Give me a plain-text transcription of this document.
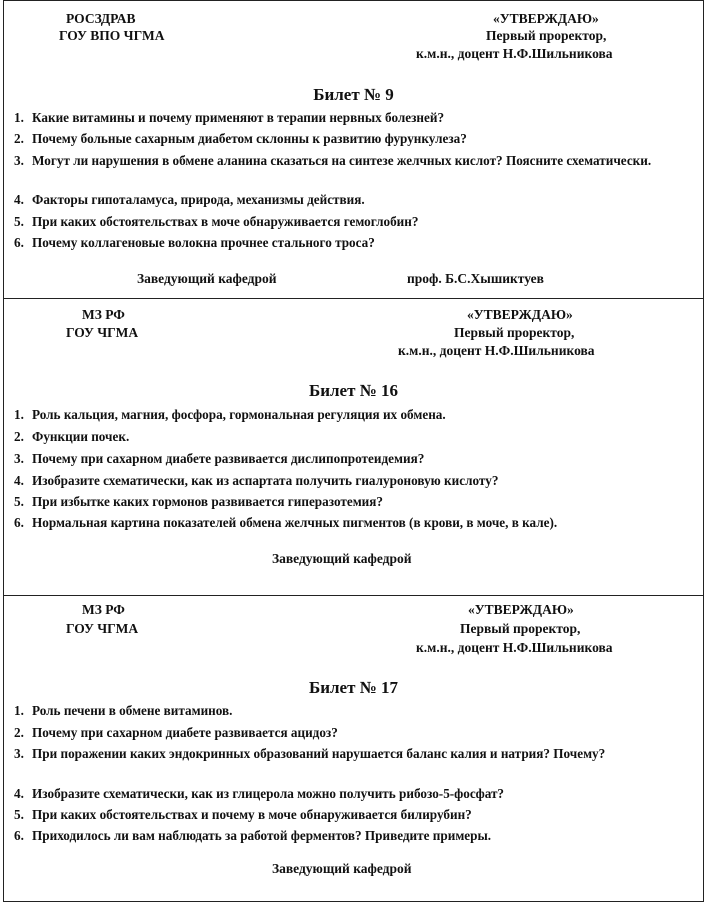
РОСЗДРАВ
ГОУ ВПО ЧГМА
«УТВЕРЖДАЮ»
Первый проректор,
к.м.н., доцент Н.Ф.Шильникова
Билет № 9
1. Какие витамины и почему применяют в терапии нервных болезней?
2. Почему больные сахарным диабетом склонны к развитию фурункулеза?
3. Могут ли нарушения в обмене аланина сказаться на синтезе желчных кислот? Поясните схематически.
4. Факторы гипоталамуса, природа, механизмы действия.
5. При каких обстоятельствах в моче обнаруживается гемоглобин?
6. Почему коллагеновые волокна прочнее стального троса?
Заведующий кафедрой	проф. Б.С.Хышиктуев
МЗ РФ
ГОУ ЧГМА
«УТВЕРЖДАЮ»
Первый проректор,
к.м.н., доцент Н.Ф.Шильникова
Билет № 16
1. Роль кальция, магния, фосфора, гормональная регуляция их обмена.
2. Функции почек.
3. Почему при сахарном диабете развивается дислипопротеидемия?
4. Изобразите схематически, как из аспартата получить гиалуроновую кислоту?
5. При избытке каких гормонов развивается гиперазотемия?
6. Нормальная картина показателей обмена желчных пигментов (в крови, в моче, в кале).
Заведующий кафедрой
МЗ РФ
ГОУ ЧГМА
«УТВЕРЖДАЮ»
Первый проректор,
к.м.н., доцент Н.Ф.Шильникова
Билет № 17
1. Роль печени в обмене витаминов.
2. Почему при сахарном диабете развивается ацидоз?
3. При поражении каких эндокринных образований нарушается баланс калия и натрия? Почему?
4. Изобразите схематически, как из глицерола можно получить рибозо-5-фосфат?
5. При каких обстоятельствах и почему в моче обнаруживается билирубин?
6. Приходилось ли вам наблюдать за работой ферментов? Приведите примеры.
Заведующий кафедрой
